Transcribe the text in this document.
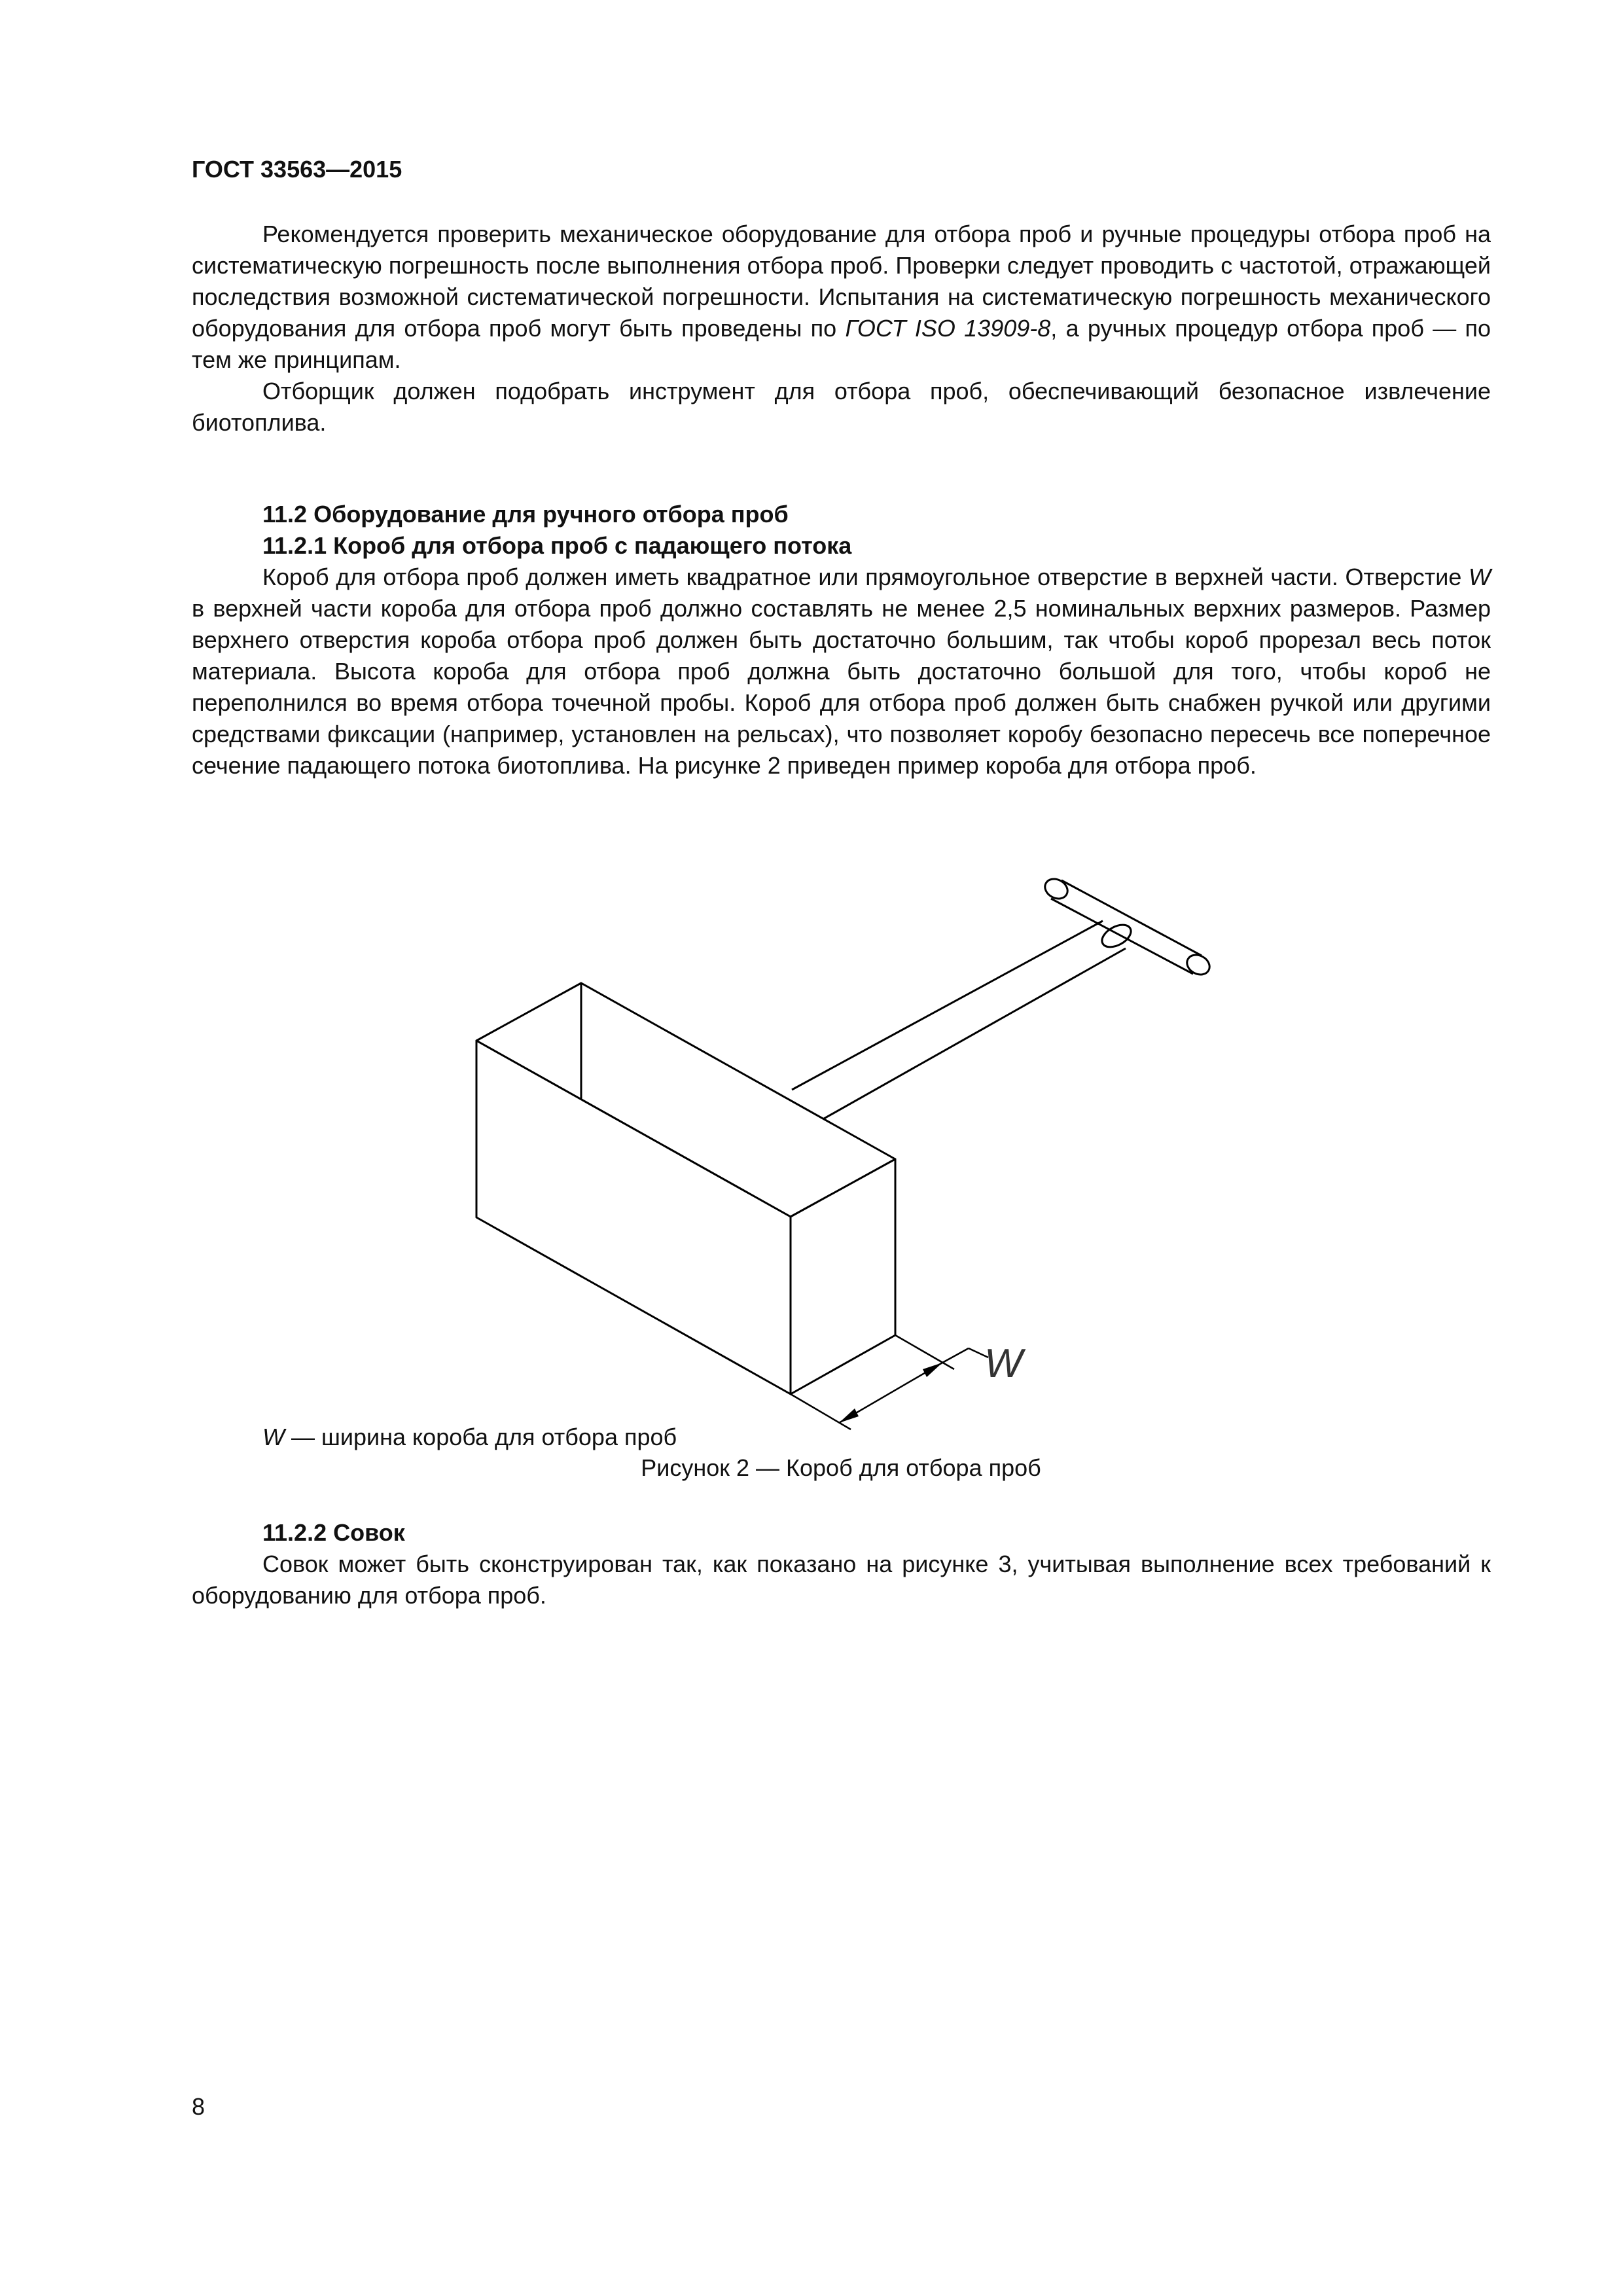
ГОСТ 33563—2015

Рекомендуется проверить механическое оборудование для отбора проб и ручные процедуры отбора проб на систематическую погрешность после выполнения отбора проб. Проверки следует проводить с частотой, отражающей последствия возможной систематической погрешности. Испытания на систематическую погрешность механического оборудования для отбора проб могут быть проведены по ГОСТ ISO 13909-8, а ручных процедур отбора проб — по тем же принципам.

Отборщик должен подобрать инструмент для отбора проб, обеспечивающий безопасное извлечение биотоплива.

11.2 Оборудование для ручного отбора проб

11.2.1 Короб для отбора проб с падающего потока

Короб для отбора проб должен иметь квадратное или прямоугольное отверстие в верхней части. Отверстие W в верхней части короба для отбора проб должно составлять не менее 2,5 номинальных верхних размеров. Размер верхнего отверстия короба отбора проб должен быть достаточно большим, так чтобы короб прорезал весь поток материала. Высота короба для отбора проб должна быть достаточно большой для того, чтобы короб не переполнился во время отбора точечной пробы. Короб для отбора проб должен быть снабжен ручкой или другими средствами фиксации (например, установлен на рельсах), что позволяет коробу безопасно пересечь все поперечное сечение падающего потока биотоплива. На рисунке 2 приведен пример короба для отбора проб.

W
W — ширина короба для отбора проб
Рисунок 2 — Короб для отбора проб

11.2.2 Совок

Совок может быть сконструирован так, как показано на рисунке 3, учитывая выполнение всех требований к оборудованию для отбора проб.

8
